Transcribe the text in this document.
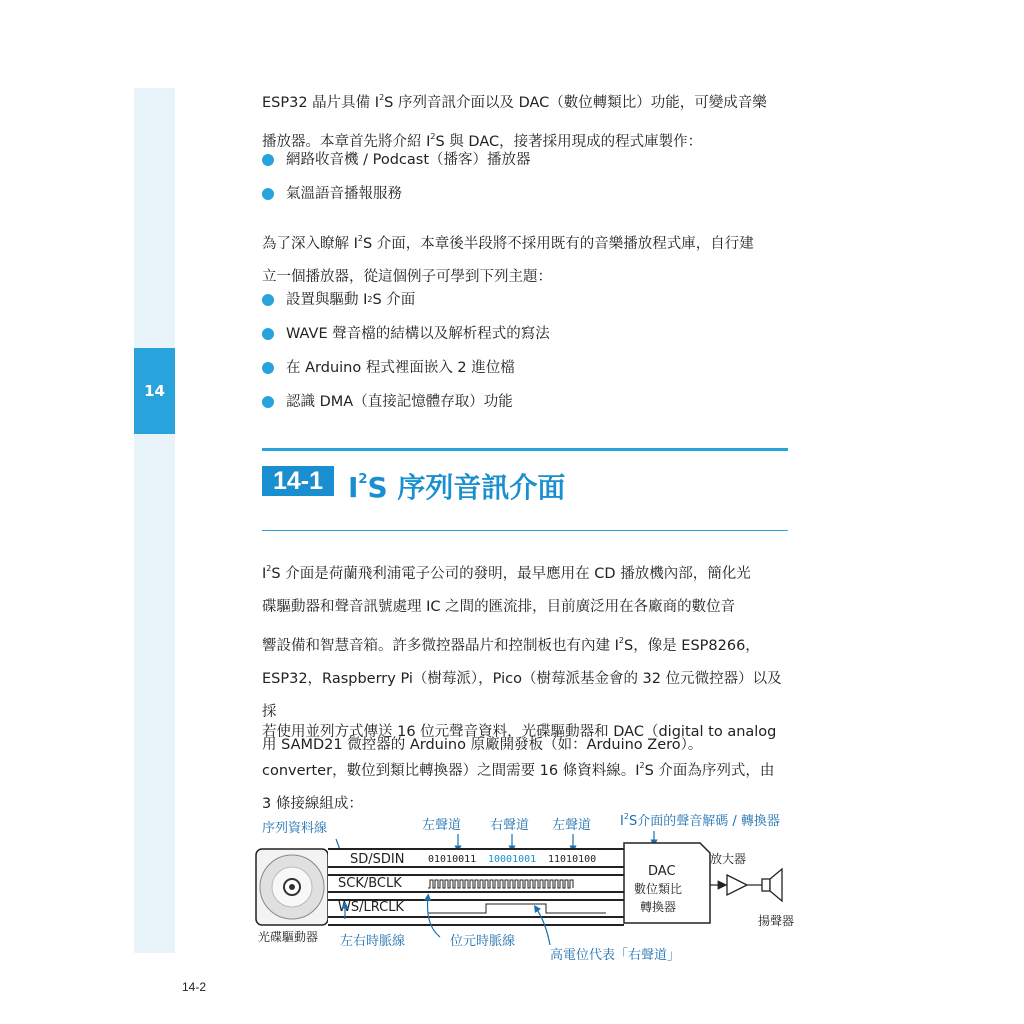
14

ESP32 晶片具備 $I^2S$ 序列音訊介面以及 DAC（數位轉類比）功能，可變成音樂
播放器。本章首先將介紹 $I^2S$ 與 DAC，接著採用現成的程式庫製作：

網路收音機 / Podcast（播客）播放器
氣溫語音播報服務

為了深入瞭解 $I^2S$ 介面，本章後半段將不採用既有的音樂播放程式庫，自行建
立一個播放器，從這個例子可學到下列主題：

設置與驅動 I 2 S 介面
WAVE 聲音檔的結構以及解析程式的寫法
在 Arduino 程式裡面嵌入 2 進位檔
認識 DMA（直接記憶體存取）功能
14-1 $I^2S$ 序列音訊介面

$I^2S$ 介面是荷蘭飛利浦電子公司的發明，最早應用在 CD 播放機內部，簡化光
碟驅動器和聲音訊號處理 IC 之間的匯流排，目前廣泛用在各廠商的數位音
響設備和智慧音箱。許多微控器晶片和控制板也有內建 $I^2S$，像是 ESP8266，
ESP32，Raspberry Pi（樹莓派），Pico（樹莓派基金會的 32 位元微控器）以及採
用 SAMD21 微控器的 Arduino 原廠開發板（如：Arduino Zero）。

若使用並列方式傳送 16 位元聲音資料，光碟驅動器和 DAC（digital to analog
converter，數位到類比轉換器）之間需要 16 條資料線。$I^2S$ 介面為序列式，由
3 條接線組成：

序列資料線	左聲道 右聲道 左聲道 $I^2S$介面的聲音解碼 / 轉換器
光碟驅動器
SD/SDIN
SCK/BCLK
WS/LRCLK
01010011 10001001 11010100
DAC
數位類比
轉換器
放大器
揚聲器
左右時脈線	位元時脈線
高電位代表「右聲道」
14-2
